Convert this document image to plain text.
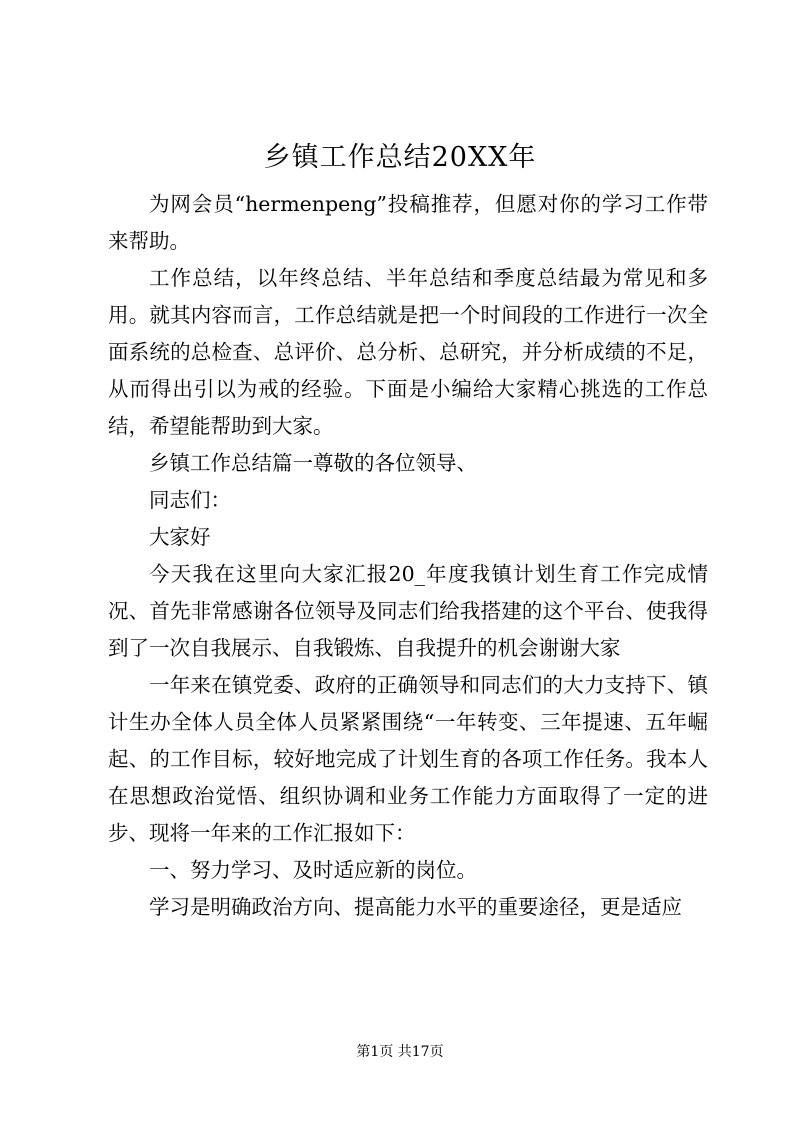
乡镇工作总结20XX年

为网会员“hermenpeng”投稿推荐，但愿对你的学习工作带来帮助。

工作总结，以年终总结、半年总结和季度总结最为常见和多用。就其内容而言，工作总结就是把一个时间段的工作进行一次全面系统的总检查、总评价、总分析、总研究，并分析成绩的不足，从而得出引以为戒的经验。下面是小编给大家精心挑选的工作总结，希望能帮助到大家。

乡镇工作总结篇一尊敬的各位领导、

同志们：

大家好

今天我在这里向大家汇报20_年度我镇计划生育工作完成情况、首先非常感谢各位领导及同志们给我搭建的这个平台、使我得到了一次自我展示、自我锻炼、自我提升的机会谢谢大家

一年来在镇党委、政府的正确领导和同志们的大力支持下、镇计生办全体人员全体人员紧紧围绕“一年转变、三年提速、五年崛起、的工作目标，较好地完成了计划生育的各项工作任务。我本人在思想政治觉悟、组织协调和业务工作能力方面取得了一定的进步、现将一年来的工作汇报如下：

一、努力学习、及时适应新的岗位。

学习是明确政治方向、提高能力水平的重要途径，更是适应

第1页 共17页
